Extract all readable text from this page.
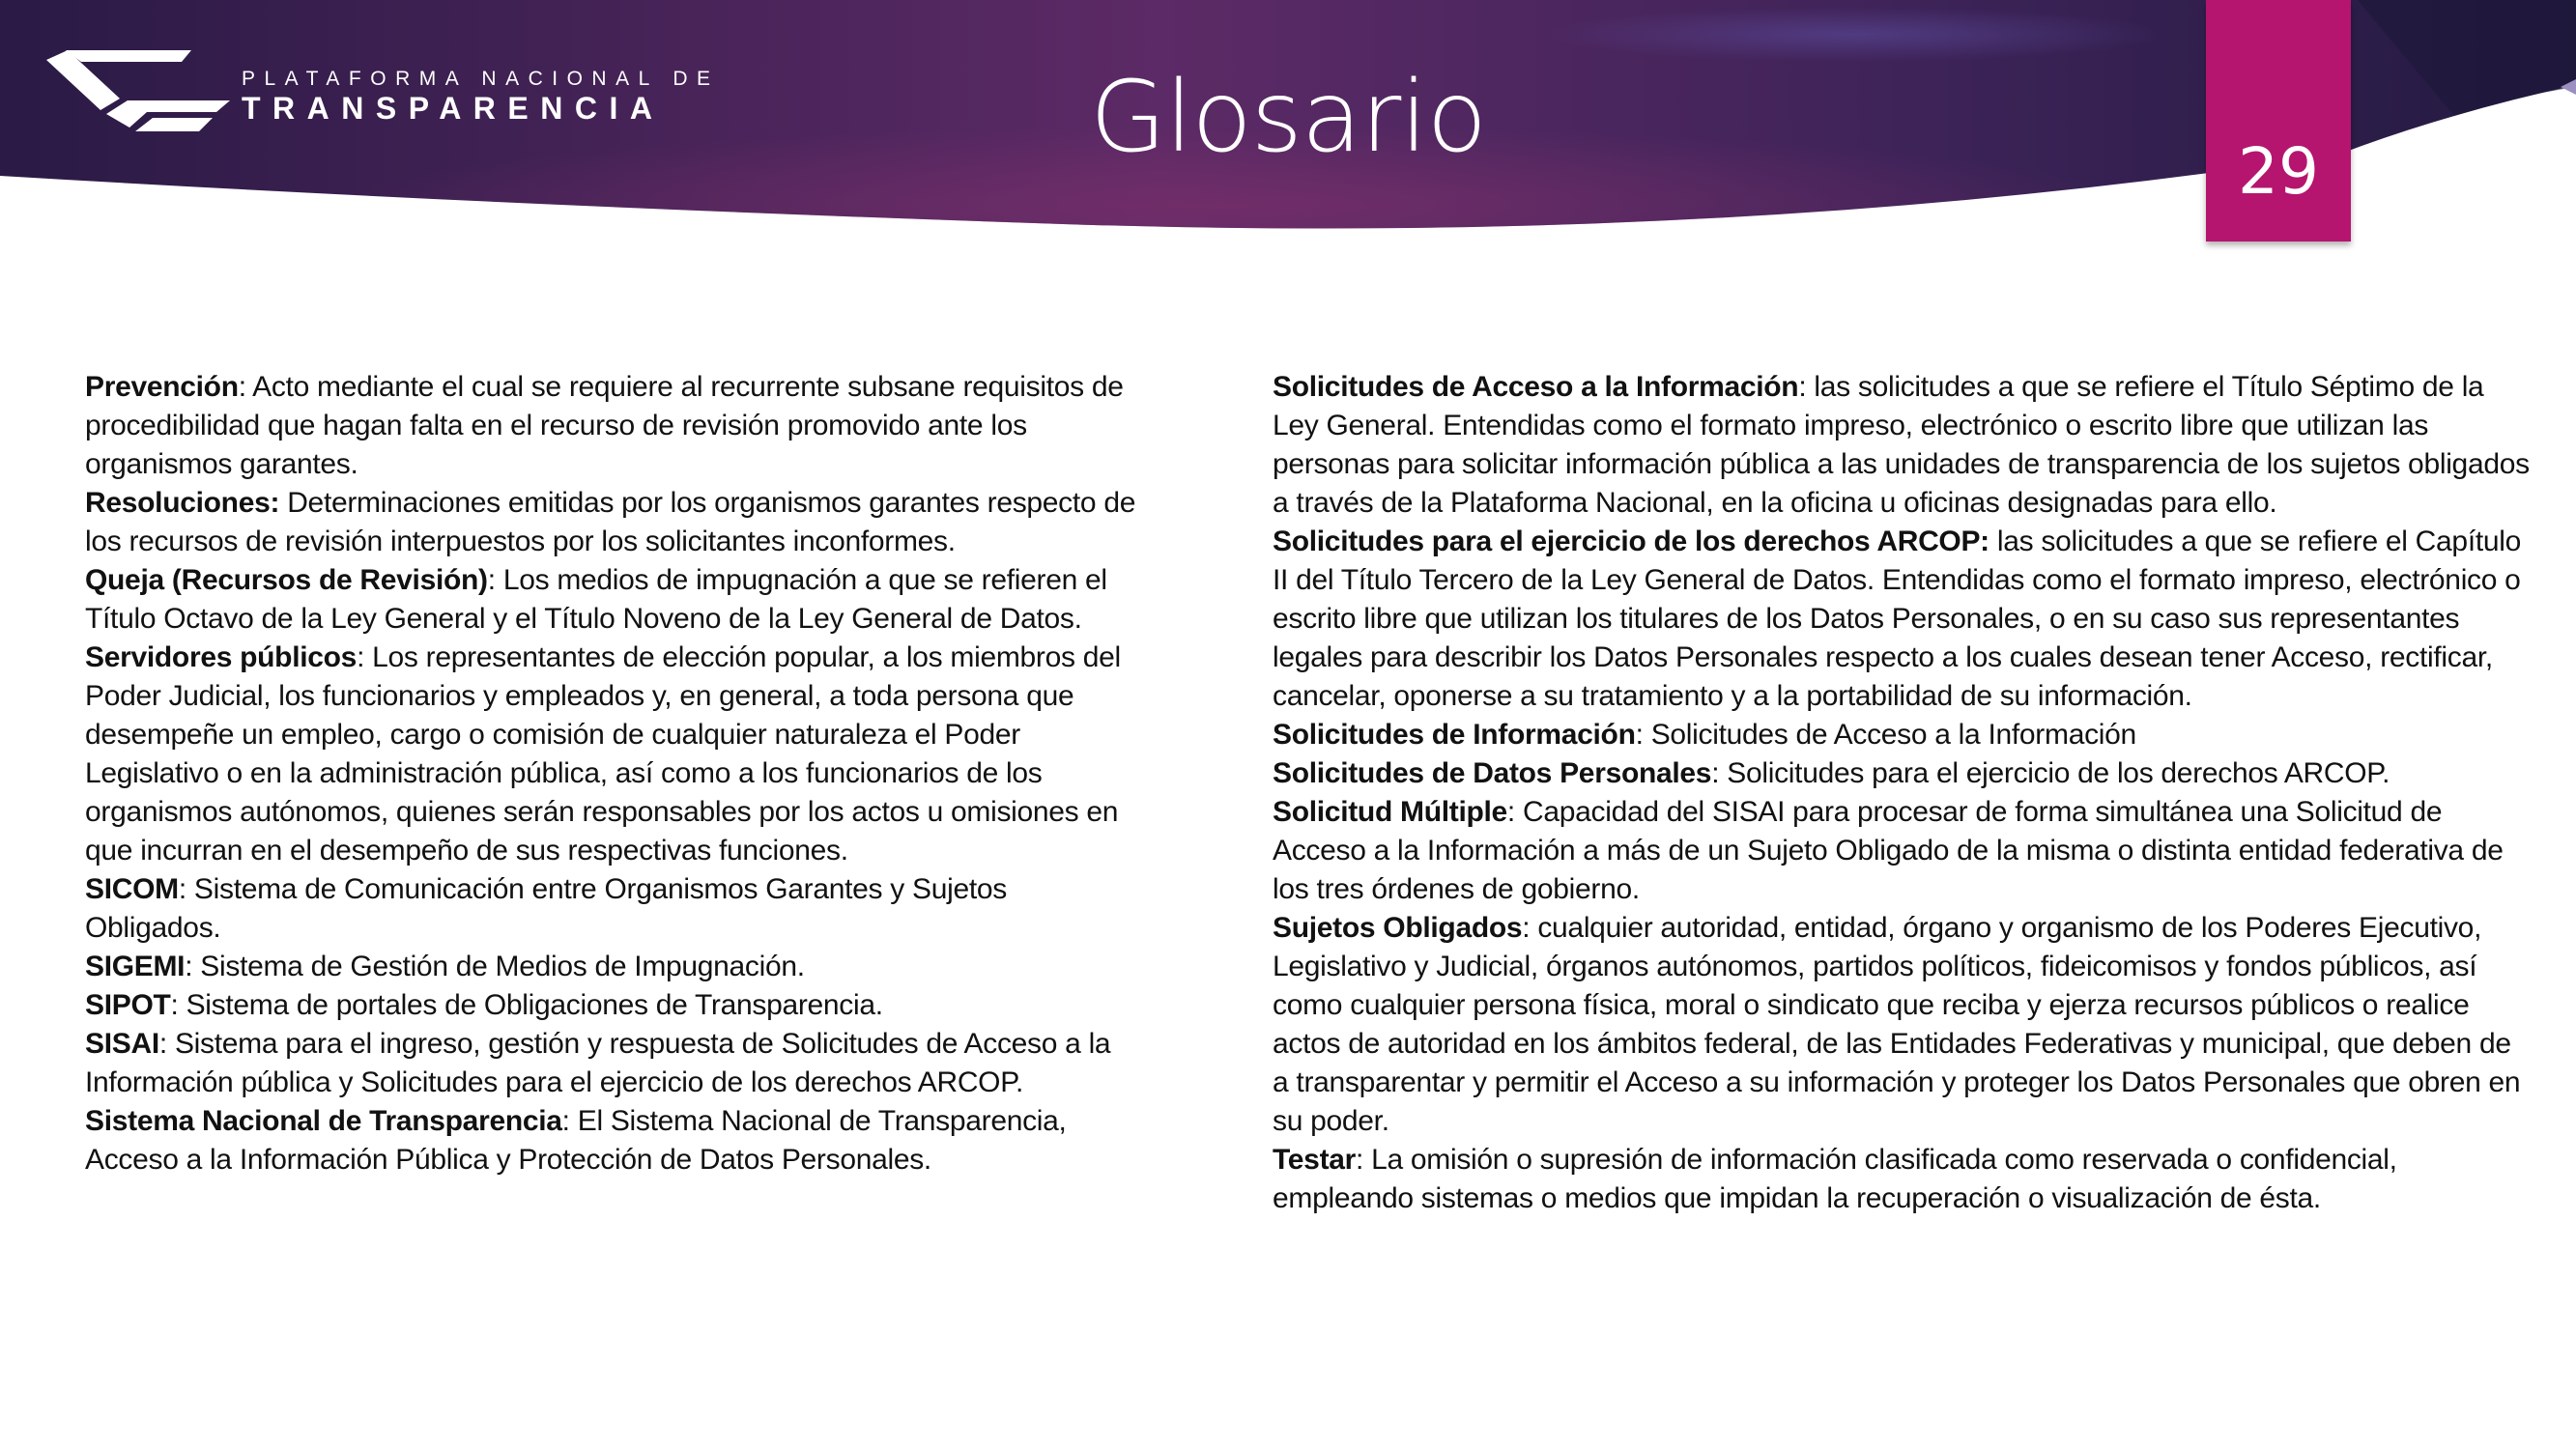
PLATAFORMA NACIONAL DE
TRANSPARENCIA	Glosario	29

Prevención: Acto mediante el cual se requiere al recurrente subsane requisitos de procedibilidad que hagan falta en el recurso de revisión promovido ante los organismos garantes.

Resoluciones: Determinaciones emitidas por los organismos garantes respecto de los recursos de revisión interpuestos por los solicitantes inconformes.

Queja (Recursos de Revisión): Los medios de impugnación a que se refieren el Título Octavo de la Ley General y el Título Noveno de la Ley General de Datos.

Servidores públicos: Los representantes de elección popular, a los miembros del Poder Judicial, los funcionarios y empleados y, en general, a toda persona que desempeñe un empleo, cargo o comisión de cualquier naturaleza el Poder Legislativo o en la administración pública, así como a los funcionarios de los organismos autónomos, quienes serán responsables por los actos u omisiones en que incurran en el desempeño de sus respectivas funciones.

SICOM: Sistema de Comunicación entre Organismos Garantes y Sujetos Obligados.

SIGEMI: Sistema de Gestión de Medios de Impugnación.

SIPOT: Sistema de portales de Obligaciones de Transparencia.

SISAI: Sistema para el ingreso, gestión y respuesta de Solicitudes de Acceso a la Información pública y Solicitudes para el ejercicio de los derechos ARCOP.

Sistema Nacional de Transparencia: El Sistema Nacional de Transparencia, Acceso a la Información Pública y Protección de Datos Personales.

Solicitudes de Acceso a la Información: las solicitudes a que se refiere el Título Séptimo de la Ley General. Entendidas como el formato impreso, electrónico o escrito libre que utilizan las personas para solicitar información pública a las unidades de transparencia de los sujetos obligados a través de la Plataforma Nacional, en la oficina u oficinas designadas para ello.

Solicitudes para el ejercicio de los derechos ARCOP: las solicitudes a que se refiere el Capítulo II del Título Tercero de la Ley General de Datos. Entendidas como el formato impreso, electrónico o escrito libre que utilizan los titulares de los Datos Personales, o en su caso sus representantes legales para describir los Datos Personales respecto a los cuales desean tener Acceso, rectificar, cancelar, oponerse a su tratamiento y a la portabilidad de su información.

Solicitudes de Información: Solicitudes de Acceso a la Información

Solicitudes de Datos Personales: Solicitudes para el ejercicio de los derechos ARCOP.

Solicitud Múltiple: Capacidad del SISAI para procesar de forma simultánea una Solicitud de Acceso a la Información a más de un Sujeto Obligado de la misma o distinta entidad federativa de los tres órdenes de gobierno.

Sujetos Obligados: cualquier autoridad, entidad, órgano y organismo de los Poderes Ejecutivo, Legislativo y Judicial, órganos autónomos, partidos políticos, fideicomisos y fondos públicos, así como cualquier persona física, moral o sindicato que reciba y ejerza recursos públicos o realice actos de autoridad en los ámbitos federal, de las Entidades Federativas y municipal, que deben de a transparentar y permitir el Acceso a su información y proteger los Datos Personales que obren en su poder.

Testar: La omisión o supresión de información clasificada como reservada o confidencial, empleando sistemas o medios que impidan la recuperación o visualización de ésta.
